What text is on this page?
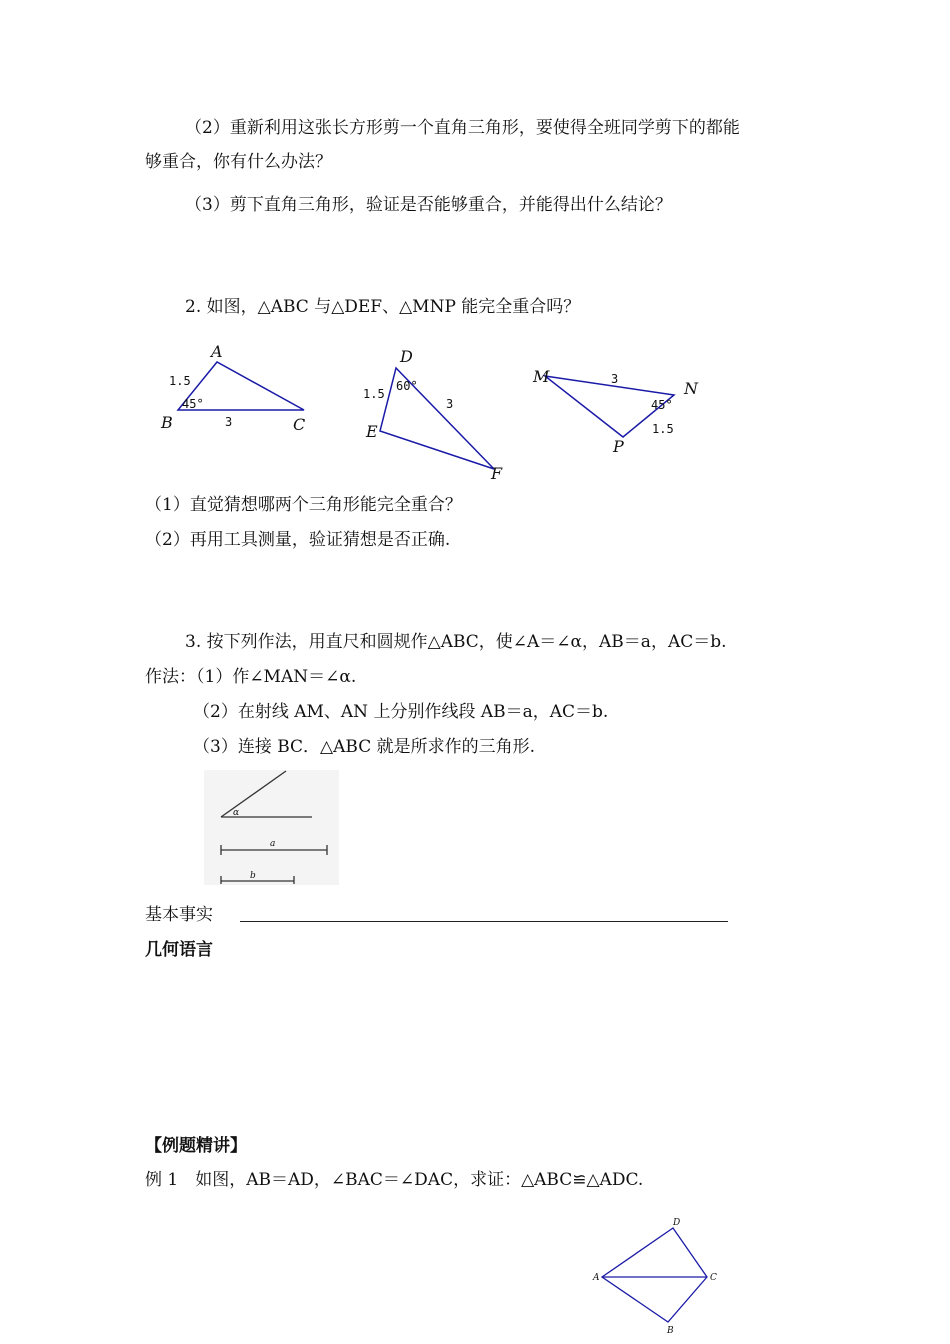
（2）重新利用这张长方形剪一个直角三角形，要使得全班同学剪下的都能

够重合，你有什么办法？

（3）剪下直角三角形，验证是否能够重合，并能得出什么结论？

2. 如图，△ABC 与△DEF、△MNP 能完全重合吗？

A
B	C
1.5
45°
3
D
E
F
1.5
60°
3
M
N
P
3
45°
1.5

（1）直觉猜想哪两个三角形能完全重合？

（2）再用工具测量，验证猜想是否正确.

3. 按下列作法，用直尺和圆规作△ABC，使∠A＝∠α，AB＝a，AC＝b.

作法：（1）作∠MAN＝∠α.

（2）在射线 AM、AN 上分别作线段 AB＝a，AC＝b.

（3）连接 BC．△ABC 就是所求作的三角形.

α
a
b

基本事实

几何语言

【例题精讲】

例 1　如图，AB＝AD，∠BAC＝∠DAC，求证：△ABC≌△ADC.

A
B
C
D
